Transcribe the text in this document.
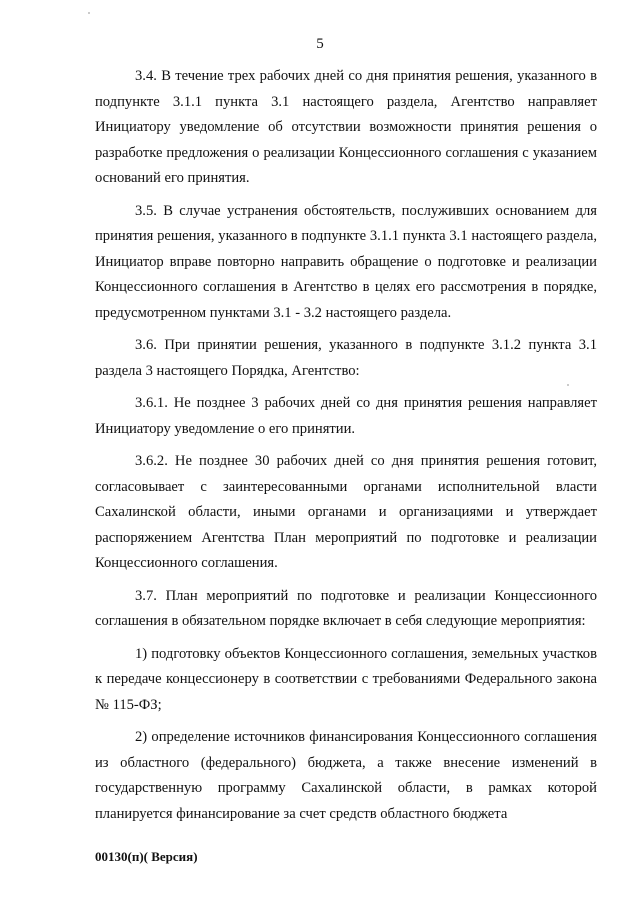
5

3.4. В течение трех рабочих дней со дня принятия решения, указанного в подпункте 3.1.1 пункта 3.1 настоящего раздела, Агентство направляет Инициатору уведомление об отсутствии возможности принятия решения о разработке предложения о реализации Концессионного соглашения с указанием оснований его принятия.

3.5. В случае устранения обстоятельств, послуживших основанием для принятия решения, указанного в подпункте 3.1.1 пункта 3.1 настоящего раздела, Инициатор вправе повторно направить обращение о подготовке и реализации Концессионного соглашения в Агентство в целях его рассмотрения в порядке, предусмотренном пунктами 3.1 - 3.2 настоящего раздела.

3.6. При принятии решения, указанного в подпункте 3.1.2 пункта 3.1 раздела 3 настоящего Порядка, Агентство:

3.6.1. Не позднее 3 рабочих дней со дня принятия решения направляет Инициатору уведомление о его принятии.

3.6.2. Не позднее 30 рабочих дней со дня принятия решения готовит, согласовывает с заинтересованными органами исполнительной власти Сахалинской области, иными органами и организациями и утверждает распоряжением Агентства План мероприятий по подготовке и реализации Концессионного соглашения.

3.7. План мероприятий по подготовке и реализации Концессионного соглашения в обязательном порядке включает в себя следующие мероприятия:

1) подготовку объектов Концессионного соглашения, земельных участков к передаче концессионеру в соответствии с требованиями Федерального закона № 115-ФЗ;

2) определение источников финансирования Концессионного соглашения из областного (федерального) бюджета, а также внесение изменений в государственную программу Сахалинской области, в рамках которой планируется финансирование за счет средств областного бюджета

00130(п)( Версия)
